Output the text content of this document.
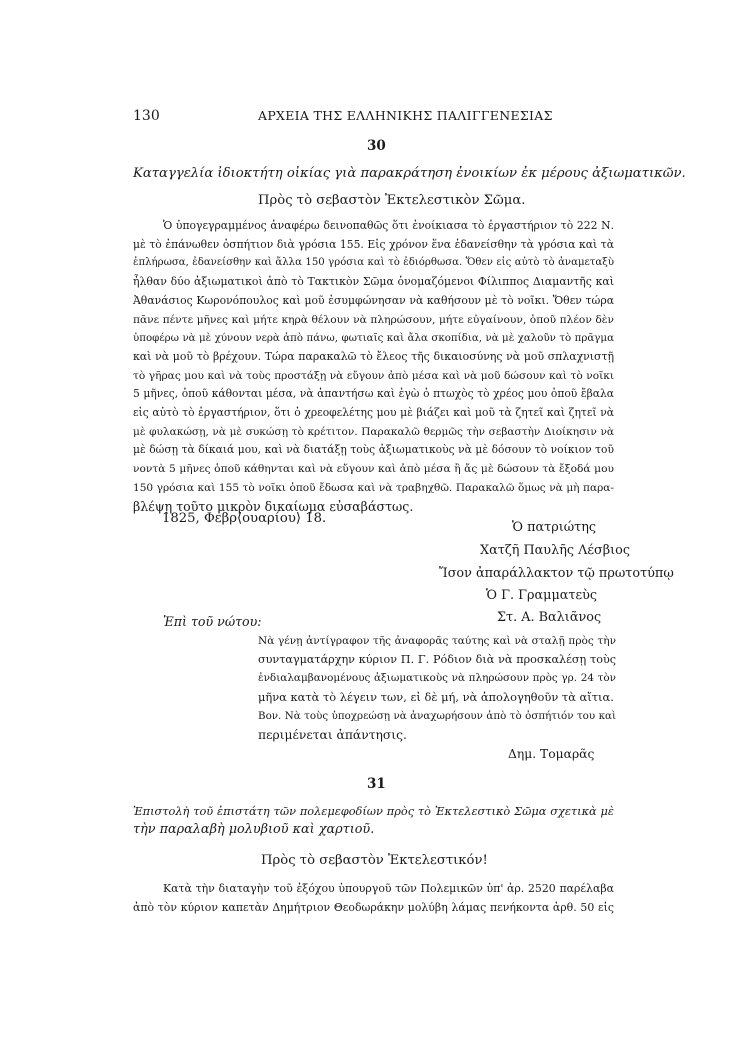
130	ΑΡΧΕΙΑ ΤΗΣ ΕΛΛΗΝΙΚΗΣ ΠΑΛΙΓΓΕΝΕΣΙΑΣ
30
Καταγγελία ἰδιοκτήτη οἰκίας γιὰ παρακράτηση ἐνοικίων ἐκ μέρους ἀξιωματικῶν.
Πρὸς τὸ σεβαστὸν Ἐκτελεστικὸν Σῶμα.
Ὁ ὑπογεγραμμένος ἀναφέρω δεινοπαθῶς ὅτι ἐνοίκιασα τὸ ἐργαστήριον τὸ 222 Ν.
μὲ τὸ ἐπάνωθεν ὀσπήτιον διὰ γρόσια 155. Εἰς χρόνον ἕνα ἐδανείσθην τὰ γρόσια καὶ τὰ
ἐπλήρωσα, ἐδανείσθην καὶ ἄλλα 150 γρόσια καὶ τὸ ἐδιόρθωσα. Ὅθεν εἰς αὐτὸ τὸ ἀναμεταξὺ
ἦλθαν δύο ἀξιωματικοὶ ἀπὸ τὸ Τακτικὸν Σῶμα ὀνομαζόμενοι Φίλιππος Διαμαντῆς καὶ
Ἀθανάσιος Κωρονόπουλος καὶ μοῦ ἐσυμφώνησαν νὰ καθήσουν μὲ τὸ νοῖκι. Ὅθεν τώρα
πᾶνε πέντε μῆνες καὶ μήτε κηρὰ θέλουν νὰ πληρώσουν, μήτε εὐγαίνουν, ὁποῦ πλέον δὲν
ὑποφέρω νὰ μὲ χύνουν νερὰ ἀπὸ πάνω, φωτιαῖς καὶ ἄλα σκοπίδια, νὰ μὲ χαλοῦν τὸ πρᾶγμα
καὶ νὰ μοῦ τὸ βρέχουν. Τώρα παρακαλῶ τὸ ἔλεος τῆς δικαιοσύνης νὰ μοῦ σπλαχνιστῇ
τὸ γῆρας μου καὶ νὰ τοὺς προστάξῃ νὰ εὔγουν ἀπὸ μέσα καὶ νὰ μοῦ δώσουν καὶ τὸ νοῖκι
5 μῆνες, ὁποῦ κάθονται μέσα, νὰ ἀπαντήσω καὶ ἐγὼ ὁ πτωχὸς τὸ χρέος μου ὁποῦ ἔβαλα
εἰς αὐτὸ τὸ ἐργαστήριον, ὅτι ὁ χρεοφελέτης μου μὲ βιάζει καὶ μοῦ τὰ ζητεῖ καὶ ζητεῖ νὰ
μὲ φυλακώσῃ, νὰ μὲ συκώσῃ τὸ κρέτιτον. Παρακαλῶ θερμῶς τὴν σεβαστὴν Διοίκησιν νὰ
μὲ δώσῃ τὰ δίκαιά μου, καὶ νὰ διατάξῃ τοὺς ἀξιωματικοὺς νὰ μὲ δόσουν τὸ νοίκιον τοῦ
νοντὰ 5 μῆνες ὁποῦ κάθηνται καὶ νὰ εὔγουν καὶ ἀπὸ μέσα ἢ ἄς μὲ δώσουν τὰ ἔξοδά μου
150 γρόσια καὶ 155 τὸ νοῖκι ὁποῦ ἔδωσα καὶ νὰ τραβηχθῶ. Παρακαλῶ ὅμως νὰ μὴ παρα-
βλέψῃ τοῦτο μικρὸν δικαίωμα εὐσαβάστως.
1825, Φεβρ⟨ουαρίου⟩ 18.
Ὁ πατριώτης
Χατζῆ Παυλῆς Λέσβιος
Ἴσον ἀπαράλλακτον τῷ πρωτοτύπῳ
Ὁ Γ. Γραμματεὺς
Στ. Α. Βαλιᾶνος
Ἐπὶ τοῦ νώτου:
Νὰ γένῃ ἀντίγραφον τῆς ἀναφορᾶς ταύτης καὶ νὰ σταλῇ πρὸς τὴν
συνταγματάρχην κύριον Π. Γ. Ρόδιον διὰ νὰ προσκαλέσῃ τοὺς
ἐνδιαλαμβανομένους ἀξιωματικοὺς νὰ πληρώσουν πρὸς γρ. 24 τὸν
μῆνα κατὰ τὸ λέγειν των, εἰ δὲ μή, νὰ ἀπολογηθοῦν τὰ αἴτια.
Βον. Νὰ τοὺς ὑποχρεώσῃ νὰ ἀναχωρήσουν ἀπὸ τὸ ὀσπήτιόν του καὶ
περιμένεται ἀπάντησις.
Δημ. Τομαρᾶς
31
Ἐπιστολὴ τοῦ ἐπιστάτη τῶν πολεμεφοδίων πρὸς τὸ Ἐκτελεστικὸ Σῶμα σχετικὰ μὲ
τὴν παραλαβὴ μολυβιοῦ καὶ χαρτιοῦ.
Πρὸς τὸ σεβαστὸν Ἐκτελεστικόν!
Κατὰ τὴν διαταγὴν τοῦ ἐξόχου ὑπουργοῦ τῶν Πολεμικῶν ὑπ' ἀρ. 2520 παρέλαβα
ἀπὸ τὸν κύριον καπετὰν Δημήτριον Θεοδωράκην μολύβη λάμας πενήκοντα ἀρθ. 50 εἰς
